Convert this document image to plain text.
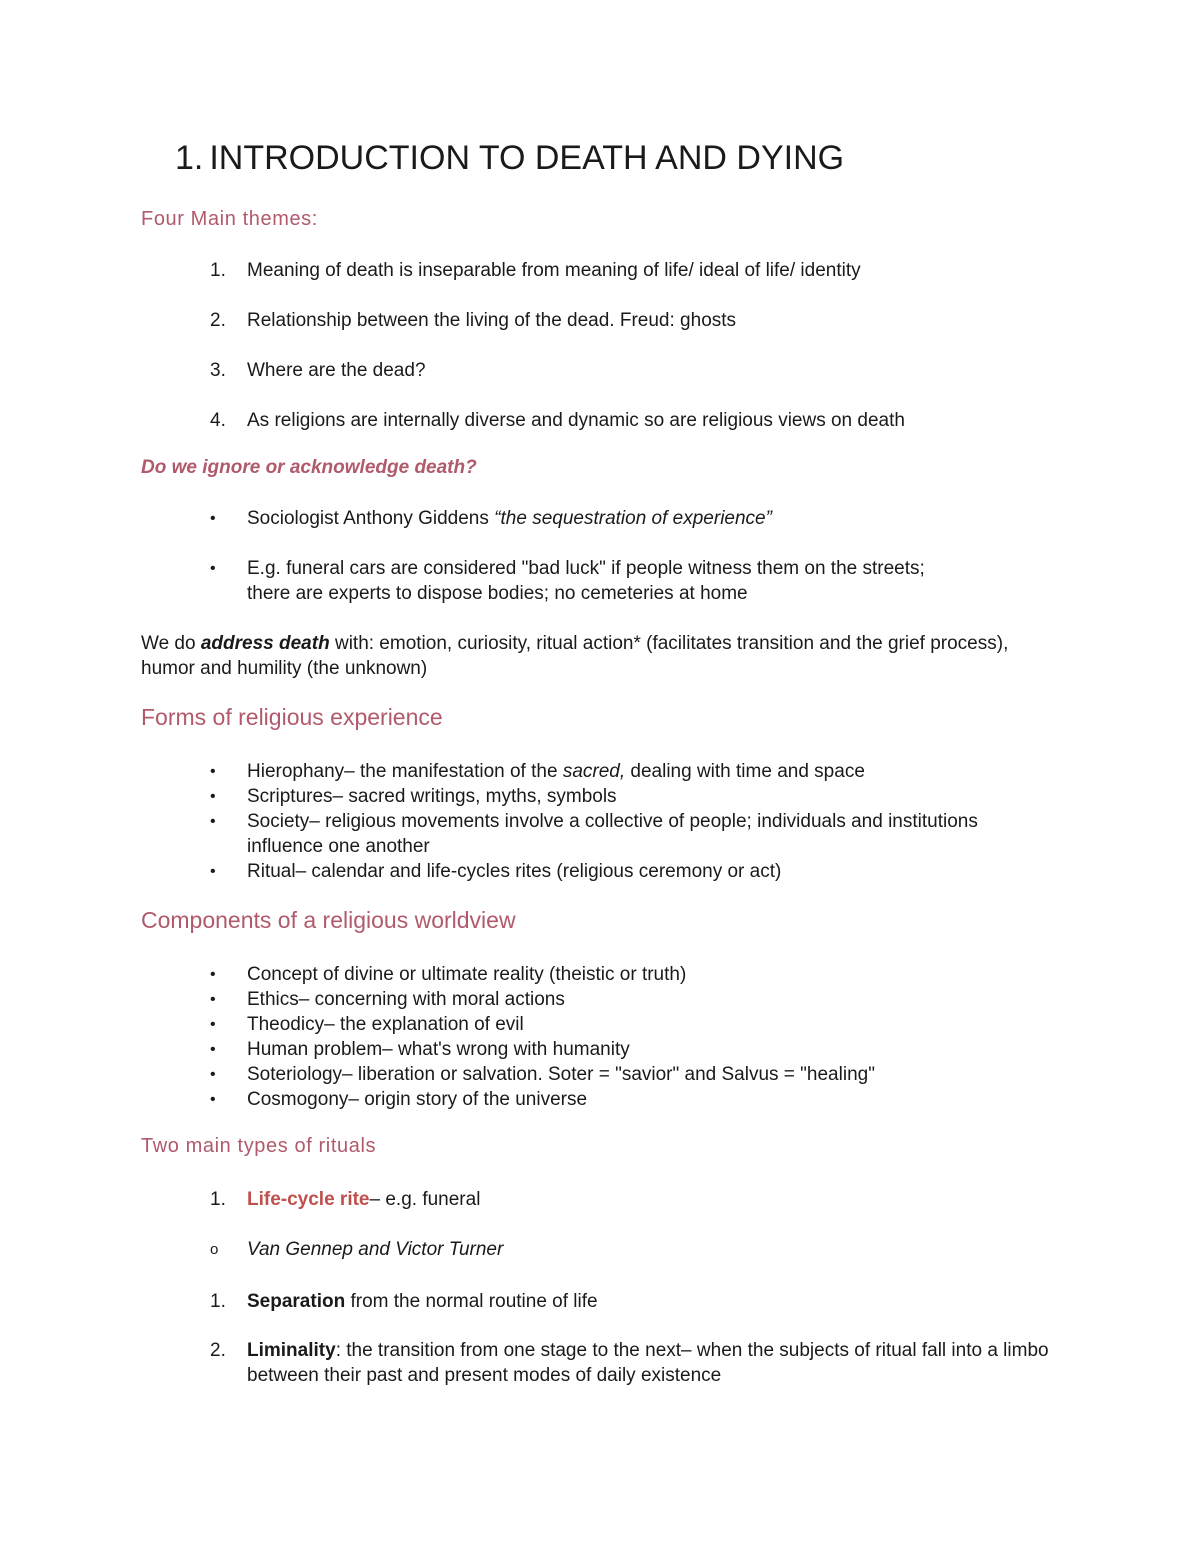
1. INTRODUCTION TO DEATH AND DYING
Four Main themes:
1.	Meaning of death is inseparable from meaning of life/ ideal of life/ identity
2.	Relationship between the living of the dead. Freud: ghosts
3.	Where are the dead?
4.	As religions are internally diverse and dynamic so are religious views on death
Do we ignore or acknowledge death?
•	Sociologist Anthony Giddens “the sequestration of experience”
•	E.g. funeral cars are considered "bad luck" if people witness them on the streets;
there are experts to dispose bodies; no cemeteries at home
We do address death with: emotion, curiosity, ritual action* (facilitates transition and the grief process), humor and humility (the unknown)
Forms of religious experience
•	Hierophany– the manifestation of the sacred, dealing with time and space
•	Scriptures– sacred writings, myths, symbols
•	Society– religious movements involve a collective of people; individuals and institutions influence one another
•	Ritual– calendar and life-cycles rites (religious ceremony or act)
Components of a religious worldview
•	Concept of divine or ultimate reality (theistic or truth)
•	Ethics– concerning with moral actions
•	Theodicy– the explanation of evil
•	Human problem– what's wrong with humanity
•	Soteriology– liberation or salvation. Soter = "savior" and Salvus = "healing"
•	Cosmogony– origin story of the universe
Two main types of rituals
1.	Life-cycle rite– e.g. funeral
o	Van Gennep and Victor Turner
1.	Separation from the normal routine of life
2.	Liminality: the transition from one stage to the next– when the subjects of ritual fall into a limbo between their past and present modes of daily existence
